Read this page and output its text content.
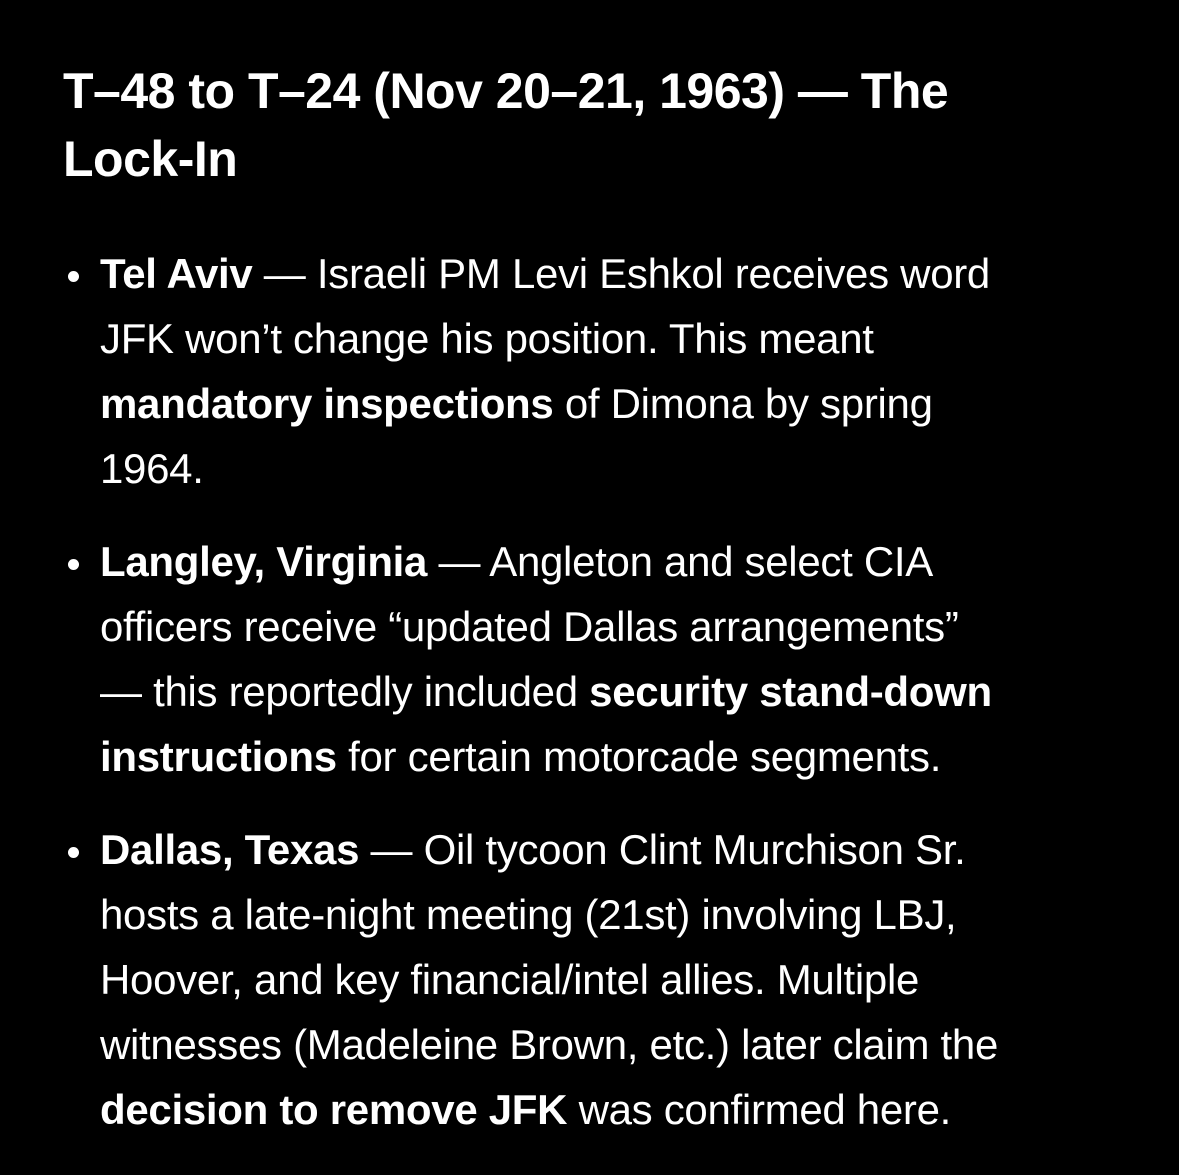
T–48 to T–24 (Nov 20–21, 1963) — The
Lock-In
Tel Aviv — Israeli PM Levi Eshkol receives word
JFK won’t change his position. This meant
mandatory inspections of Dimona by spring
1964.
Langley, Virginia — Angleton and select CIA
officers receive “updated Dallas arrangements”
— this reportedly included security stand-down
instructions for certain motorcade segments.
Dallas, Texas — Oil tycoon Clint Murchison Sr.
hosts a late-night meeting (21st) involving LBJ,
Hoover, and key financial/intel allies. Multiple
witnesses (Madeleine Brown, etc.) later claim the
decision to remove JFK was confirmed here.
